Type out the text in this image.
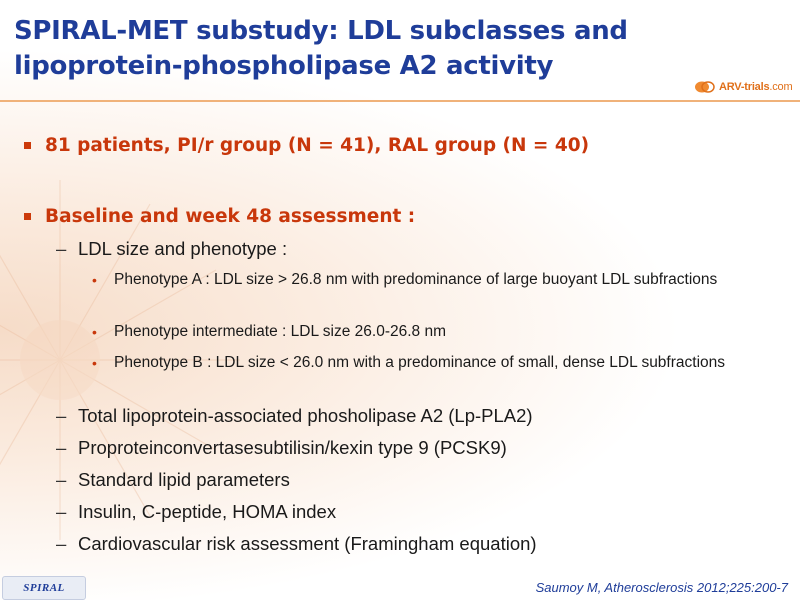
SPIRAL-MET substudy: LDL subclasses and lipoprotein-phospholipase A2 activity
ARV-trials.com
81 patients, PI/r group (N = 41), RAL group (N = 40)
Baseline and week 48 assessment :
– LDL size and phenotype :
•	Phenotype A : LDL size > 26.8 nm with predominance of large buoyant LDL subfractions
•	Phenotype intermediate : LDL size 26.0-26.8 nm
•	Phenotype B : LDL size < 26.0 nm with a predominance of small, dense LDL subfractions
– Total lipoprotein-associated phosholipase A2 (Lp-PLA2)
– Proproteinconvertasesubtilisin/kexin type 9 (PCSK9)
– Standard lipid parameters
– Insulin, C-peptide, HOMA index
– Cardiovascular risk assessment (Framingham equation)
SPIRAL	Saumoy M, Atherosclerosis 2012;225:200-7
